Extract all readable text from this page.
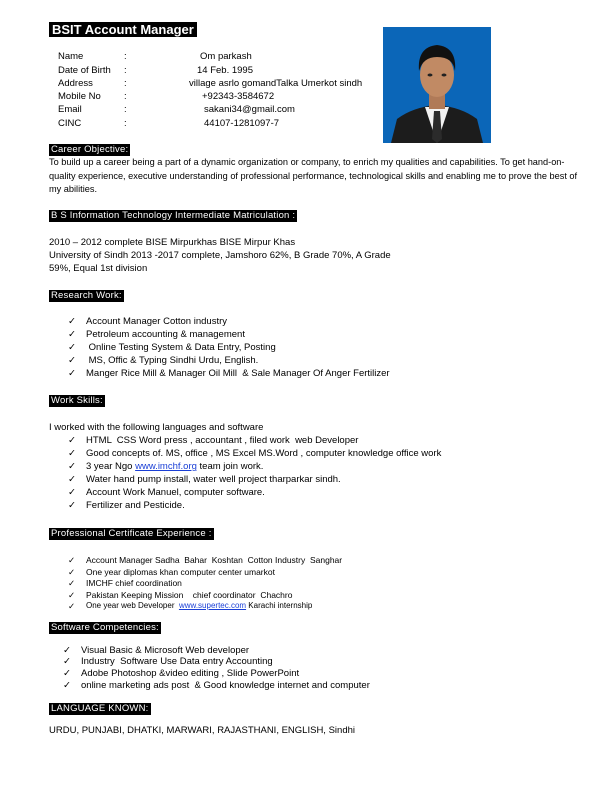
BSIT Account Manager
Name	:	Om parkash
Date of Birth :	14 Feb. 1995
Address	:	village asrlo gomandTalka Umerkot sindh
Mobile No :	+92343-3584672
Email	:	sakani34@gmail.com
CINC	:	44107-1281097-7
Career Objective:
To build up a career being a part of a dynamic organization or company, to enrich my qualities and capabilities. To get hand-on-quality experience, executive understanding of professional performance, technological skills and enabling me to prove the best of my abilities.
B S Information Technology Intermediate Matriculation :
2010 – 2012 complete BISE Mirpurkhas BISE Mirpur Khas
University of Sindh 2013 -2017 complete, Jamshoro 62%, B Grade 70%, A Grade
59%, Equal 1st division
Research Work:
✓ Account Manager Cotton industry
✓ Petroleum accounting & management
✓ Online Testing System & Data Entry, Posting
✓ MS, Offic & Typing Sindhi Urdu, English.
✓ Manger Rice Mill & Manager Oil Mill  & Sale Manager Of Anger Fertilizer
Work Skills:
I worked with the following languages and software
✓ HTML  CSS Word press , accountant , filed work  web Developer
✓ Good concepts of. MS, office , MS Excel MS.Word , computer knowledge office work
✓ 3 year Ngo www.imchf.org team join work.
✓ Water hand pump install, water well project tharparkar sindh.
✓ Account Work Manuel, computer software.
✓ Fertilizer and Pesticide.
Professional Certificate Experience :
✓ Account Manager Sadha  Bahar  Koshtan  Cotton Industry  Sanghar
✓ One year diplomas khan computer center umarkot
✓ IMCHF chief coordination
✓ Pakistan Keeping Mission    chief coordinator  Chachro
✓ One year web Developer  www.supertec.com Karachi internship
Software Competencies:
✓ Visual Basic & Microsoft Web developer
✓ Industry  Software Use Data entry Accounting
✓ Adobe Photoshop &video editing , Slide PowerPoint
✓ online marketing ads post  & Good knowledge internet and computer
LANGUAGE KNOWN:
URDU, PUNJABI, DHATKI, MARWARI, RAJASTHANI, ENGLISH, Sindhi
